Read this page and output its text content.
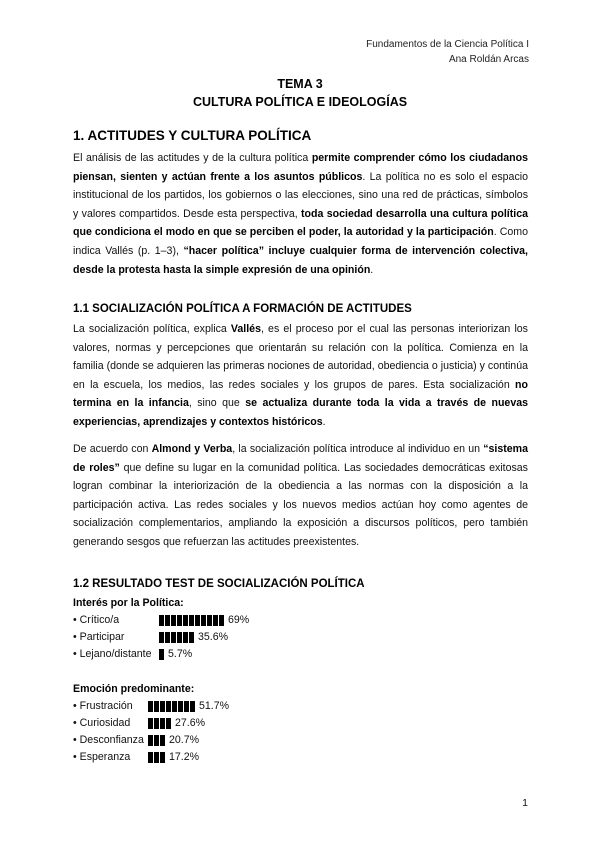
Fundamentos de la Ciencia Política I
Ana Roldán Arcas
TEMA 3
CULTURA POLÍTICA E IDEOLOGÍAS
1. ACTITUDES Y CULTURA POLÍTICA

El análisis de las actitudes y de la cultura política permite comprender cómo los ciudadanos piensan, sienten y actúan frente a los asuntos públicos. La política no es solo el espacio institucional de los partidos, los gobiernos o las elecciones, sino una red de prácticas, símbolos y valores compartidos. Desde esta perspectiva, toda sociedad desarrolla una cultura política que condiciona el modo en que se perciben el poder, la autoridad y la participación. Como indica Vallés (p. 1–3), “hacer política” incluye cualquier forma de intervención colectiva, desde la protesta hasta la simple expresión de una opinión.

1.1 SOCIALIZACIÓN POLÍTICA A FORMACIÓN DE ACTITUDES

La socialización política, explica Vallés, es el proceso por el cual las personas interiorizan los valores, normas y percepciones que orientarán su relación con la política. Comienza en la familia (donde se adquieren las primeras nociones de autoridad, obediencia o justicia) y continúa en la escuela, los medios, las redes sociales y los grupos de pares. Esta socialización no termina en la infancia, sino que se actualiza durante toda la vida a través de nuevas experiencias, aprendizajes y contextos históricos.

De acuerdo con Almond y Verba, la socialización política introduce al individuo en un “sistema de roles” que define su lugar en la comunidad política. Las sociedades democráticas exitosas logran combinar la interiorización de la obediencia a las normas con la disposición a la participación activa. Las redes sociales y los nuevos medios actúan hoy como agentes de socialización complementarios, ampliando la exposición a discursos políticos, pero también generando sesgos que refuerzan las actitudes preexistentes.

1.2 RESULTADO TEST DE SOCIALIZACIÓN POLÍTICA
Interés por la Política:
• Crítico/a	69%
• Participar	35.6%
• Lejano/distante 5.7%
Emoción predominante:
• Frustración	51.7%
• Curiosidad	27.6%
• Desconfianza 20.7%
• Esperanza	17.2%
1
